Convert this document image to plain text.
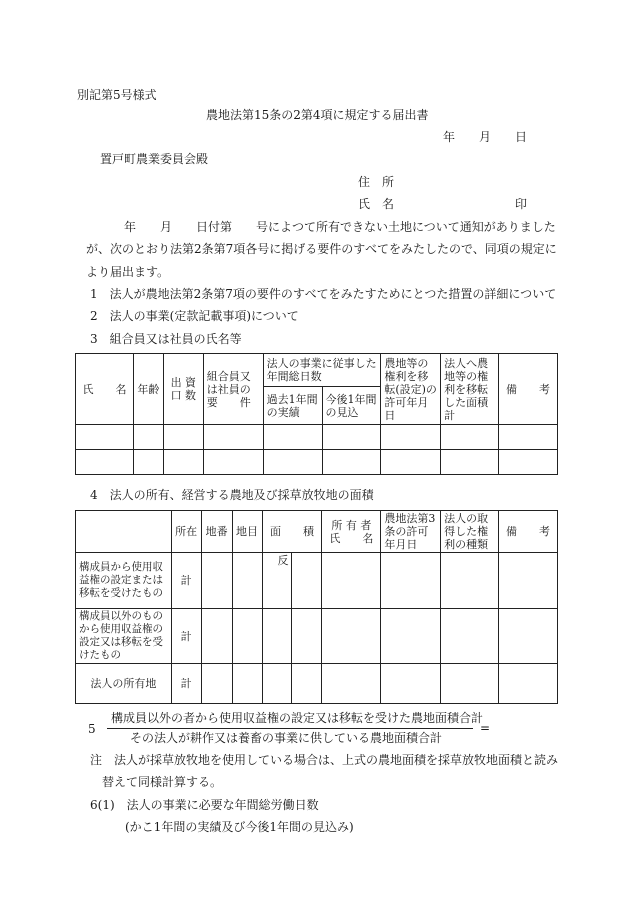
別記第5号様式
農地法第15条の2第4項に規定する届出書
年　　月　　日
置戸町農業委員会殿
住　所
氏　名	印
年　　月　　日付第　　号によつて所有できない土地について通知がありました
が、次のとおり法第2条第7項各号に掲げる要件のすべてをみたしたので、同項の規定に
より届出ます。
1　法人が農地法第2条第7項の要件のすべてをみたすためにとつた措置の詳細について
2　法人の事業(定款記載事項)について
3　組合員又は社員の氏名等
氏　　名	年齢	出 資 口 数	組合員又は社員の要　　件	法人の事業に従事した年間総日数		農地等の権利を移転(設定)の許可年月日	法人へ農地等の権利を移転した面積計	備　　考
				過去1年間の実績	今後1年間の見込			

4　法人の所有、経営する農地及び採草放牧地の面積
	所在	地番	地目	面　　積		所 有 者 氏　　名	農地法第3条の許可年月日	法人の取得した権利の種類	備　　考
構成員から使用収益権の設定または移転を受けたもの	計			反					
構成員以外のものから使用収益権の設定又は移転を受けたもの	計								
法人の所有地	計								
5
構成員以外の者から使用収益権の設定又は移転を受けた農地面積合計
その法人が耕作又は養畜の事業に供している農地面積合計
=
注　法人が採草放牧地を使用している場合は、上式の農地面積を採草放牧地面積と読み
替えて同様計算する。
6(1)　法人の事業に必要な年間総労働日数
(かこ1年間の実績及び今後1年間の見込み)
